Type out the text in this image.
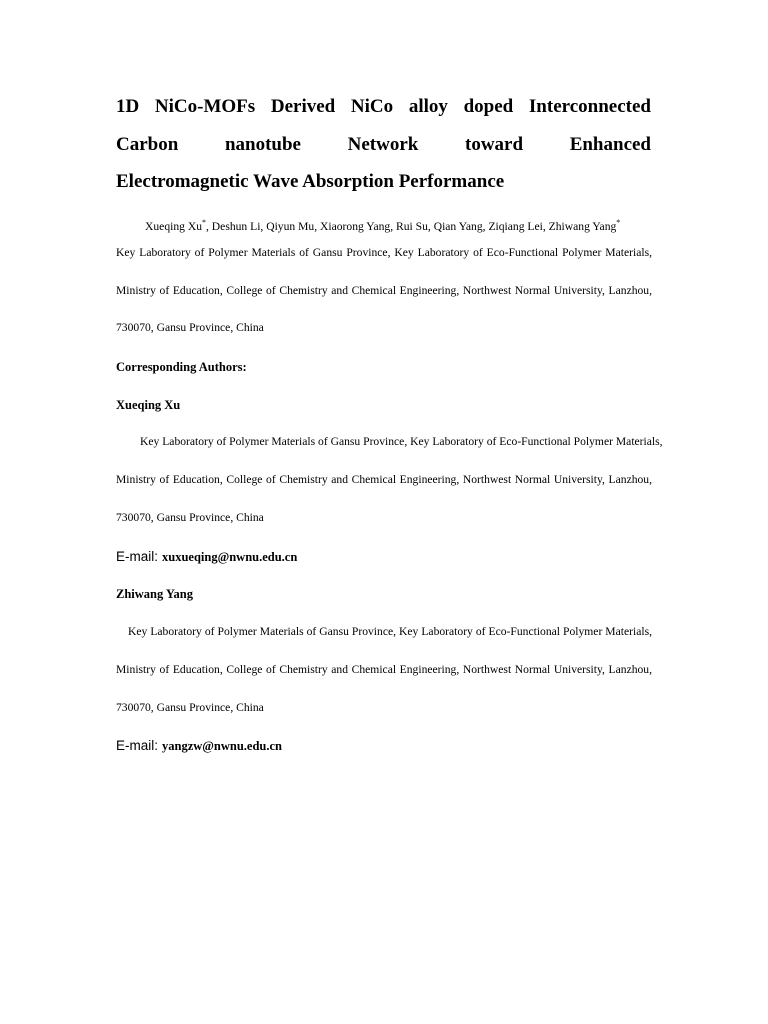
1D NiCo-MOFs Derived NiCo alloy doped Interconnected
Carbon nanotube Network toward Enhanced
Electromagnetic Wave Absorption Performance
Xueqing Xu*, Deshun Li, Qiyun Mu, Xiaorong Yang, Rui Su, Qian Yang, Ziqiang Lei, Zhiwang Yang*
Key Laboratory of Polymer Materials of Gansu Province, Key Laboratory of Eco-Functional Polymer Materials,
Ministry of Education, College of Chemistry and Chemical Engineering, Northwest Normal University, Lanzhou,
730070, Gansu Province, China
Corresponding Authors:
Xueqing Xu
Key Laboratory of Polymer Materials of Gansu Province, Key Laboratory of Eco-Functional Polymer Materials,
Ministry of Education, College of Chemistry and Chemical Engineering, Northwest Normal University, Lanzhou,
730070, Gansu Province, China
E-mail: xuxueqing@nwnu.edu.cn
Zhiwang Yang
Key Laboratory of Polymer Materials of Gansu Province, Key Laboratory of Eco-Functional Polymer Materials,
Ministry of Education, College of Chemistry and Chemical Engineering, Northwest Normal University, Lanzhou,
730070, Gansu Province, China
E-mail: yangzw@nwnu.edu.cn
